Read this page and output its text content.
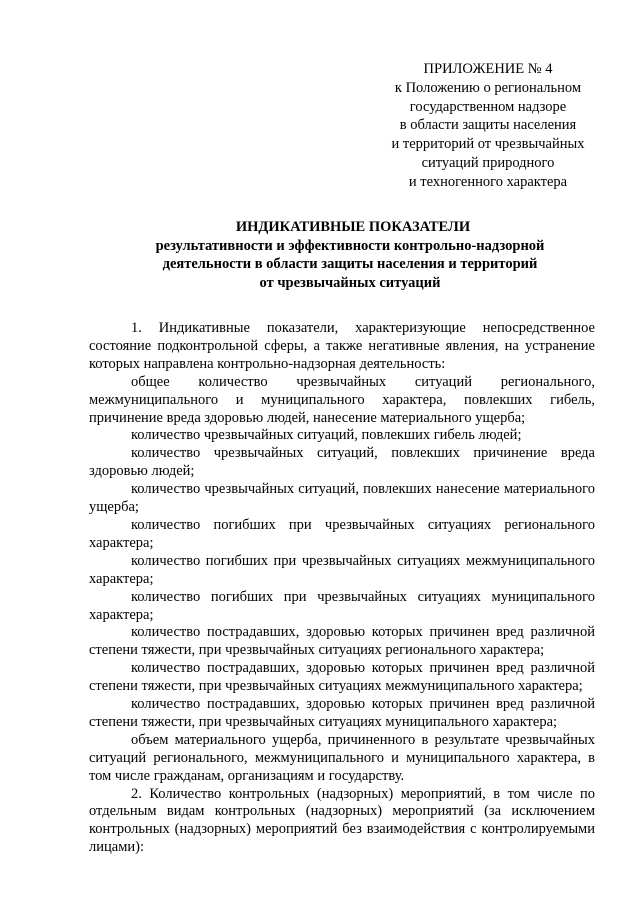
ПРИЛОЖЕНИЕ № 4
к Положению о региональном
государственном надзоре
в области защиты населения
и территорий от чрезвычайных
ситуаций природного
и техногенного характера
ИНДИКАТИВНЫЕ ПОКАЗАТЕЛИ
результативности и эффективности контрольно-надзорной
деятельности в области защиты населения и территорий
от чрезвычайных ситуаций

1. Индикативные показатели, характеризующие непосредственное состояние подконтрольной сферы, а также негативные явления, на устранение которых направлена контрольно-надзорная деятельность:

общее количество чрезвычайных ситуаций регионального, межмуниципального и муниципального характера, повлекших гибель, причинение вреда здоровью людей, нанесение материального ущерба;

количество чрезвычайных ситуаций, повлекших гибель людей;

количество чрезвычайных ситуаций, повлекших причинение вреда здоровью людей;

количество чрезвычайных ситуаций, повлекших нанесение материального ущерба;

количество погибших при чрезвычайных ситуациях регионального характера;

количество погибших при чрезвычайных ситуациях межмуниципального характера;

количество погибших при чрезвычайных ситуациях муниципального характера;

количество пострадавших, здоровью которых причинен вред различной степени тяжести, при чрезвычайных ситуациях регионального характера;

количество пострадавших, здоровью которых причинен вред различной степени тяжести, при чрезвычайных ситуациях межмуниципального характера;

количество пострадавших, здоровью которых причинен вред различной степени тяжести, при чрезвычайных ситуациях муниципального характера;

объем материального ущерба, причиненного в результате чрезвычайных ситуаций регионального, межмуниципального и муниципального характера, в том числе гражданам, организациям и государству.

2. Количество контрольных (надзорных) мероприятий, в том числе по отдельным видам контрольных (надзорных) мероприятий (за исключением контрольных (надзорных) мероприятий без взаимодействия с контролируемыми лицами):
